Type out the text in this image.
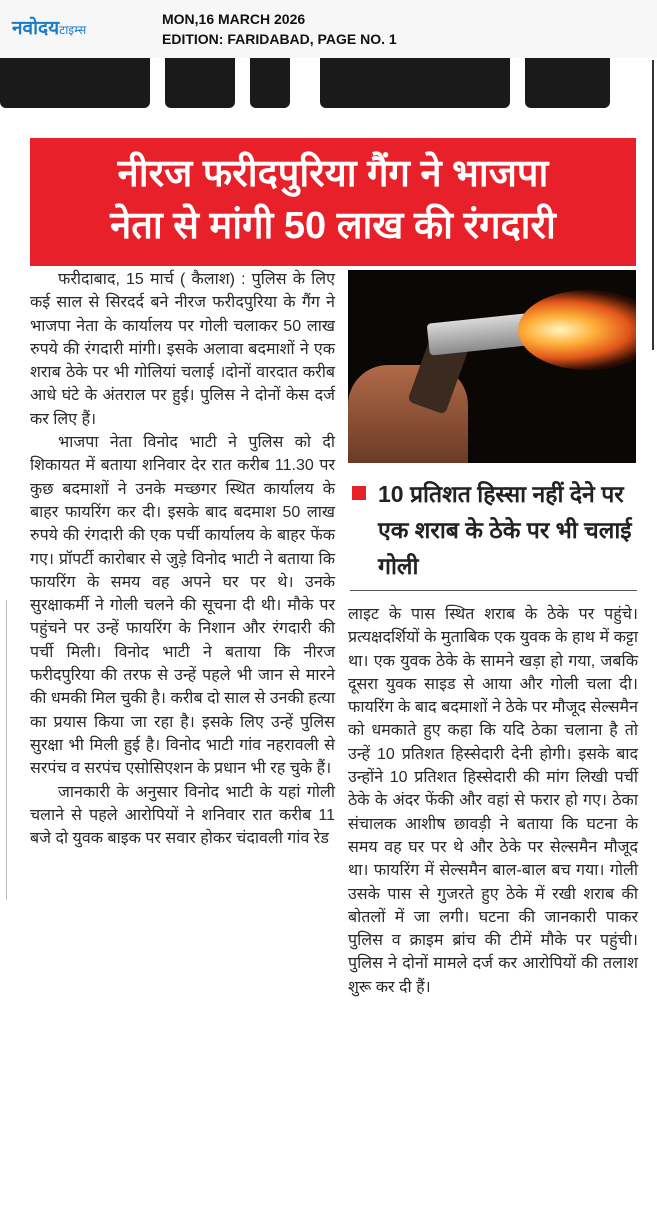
नवोदयटाइम्स
MON,16 MARCH 2026
EDITION: FARIDABAD, PAGE NO. 1
नीरज फरीदपुरिया गैंग ने भाजपा
नेता से मांगी 50 लाख की रंगदारी

फरीदाबाद, 15 मार्च ( कैलाश) : पुलिस के लिए कई साल से सिरदर्द बने नीरज फरीदपुरिया के गैंग ने भाजपा नेता के कार्यालय पर गोली चलाकर 50 लाख रुपये की रंगदारी मांगी। इसके अलावा बदमाशों ने एक शराब ठेके पर भी गोलियां चलाई ।दोनों वारदात करीब आधे घंटे के अंतराल पर हुई। पुलिस ने दोनों केस दर्ज कर लिए हैं।

भाजपा नेता विनोद भाटी ने पुलिस को दी शिकायत में बताया शनिवार देर रात करीब 11.30 पर कुछ बदमाशों ने उनके मच्छगर स्थित कार्यालय के बाहर फायरिंग कर दी। इसके बाद बदमाश 50 लाख रुपये की रंगदारी की एक पर्ची कार्यालय के बाहर फेंक गए। प्रॉपर्टी कारोबार से जुड़े विनोद भाटी ने बताया कि फायरिंग के समय वह अपने घर पर थे। उनके सुरक्षाकर्मी ने गोली चलने की सूचना दी थी। मौके पर पहुंचने पर उन्हें फायरिंग के निशान और रंगदारी की पर्ची मिली। विनोद भाटी ने बताया कि नीरज फरीदपुरिया की तरफ से उन्हें पहले भी जान से मारने की धमकी मिल चुकी है। करीब दो साल से उनकी हत्या का प्रयास किया जा रहा है। इसके लिए उन्हें पुलिस सुरक्षा भी मिली हुई है। विनोद भाटी गांव नहरावली से सरपंच व सरपंच एसोसिएशन के प्रधान भी रह चुके हैं।

जानकारी के अनुसार विनोद भाटी के यहां गोली चलाने से पहले आरोपियों ने शनिवार रात करीब 11 बजे दो युवक बाइक पर सवार होकर चंदावली गांव रेड

10 प्रतिशत हिस्सा नहीं देने पर एक शराब के ठेके पर भी चलाई गोली

लाइट के पास स्थित शराब के ठेके पर पहुंचे। प्रत्यक्षदर्शियों के मुताबिक एक युवक के हाथ में कट्टा था। एक युवक ठेके के सामने खड़ा हो गया, जबकि दूसरा युवक साइड से आया और गोली चला दी। फायरिंग के बाद बदमाशों ने ठेके पर मौजूद सेल्समैन को धमकाते हुए कहा कि यदि ठेका चलाना है तो उन्हें 10 प्रतिशत हिस्सेदारी देनी होगी। इसके बाद उन्होंने 10 प्रतिशत हिस्सेदारी की मांग लिखी पर्ची ठेके के अंदर फेंकी और वहां से फरार हो गए। ठेका संचालक आशीष छावड़ी ने बताया कि घटना के समय वह घर पर थे और ठेके पर सेल्समैन मौजूद था। फायरिंग में सेल्समैन बाल-बाल बच गया। गोली उसके पास से गुजरते हुए ठेके में रखी शराब की बोतलों में जा लगी। घटना की जानकारी पाकर पुलिस व क्राइम ब्रांच की टीमें मौके पर पहुंची। पुलिस ने दोनों मामले दर्ज कर आरोपियों की तलाश शुरू कर दी हैं।
